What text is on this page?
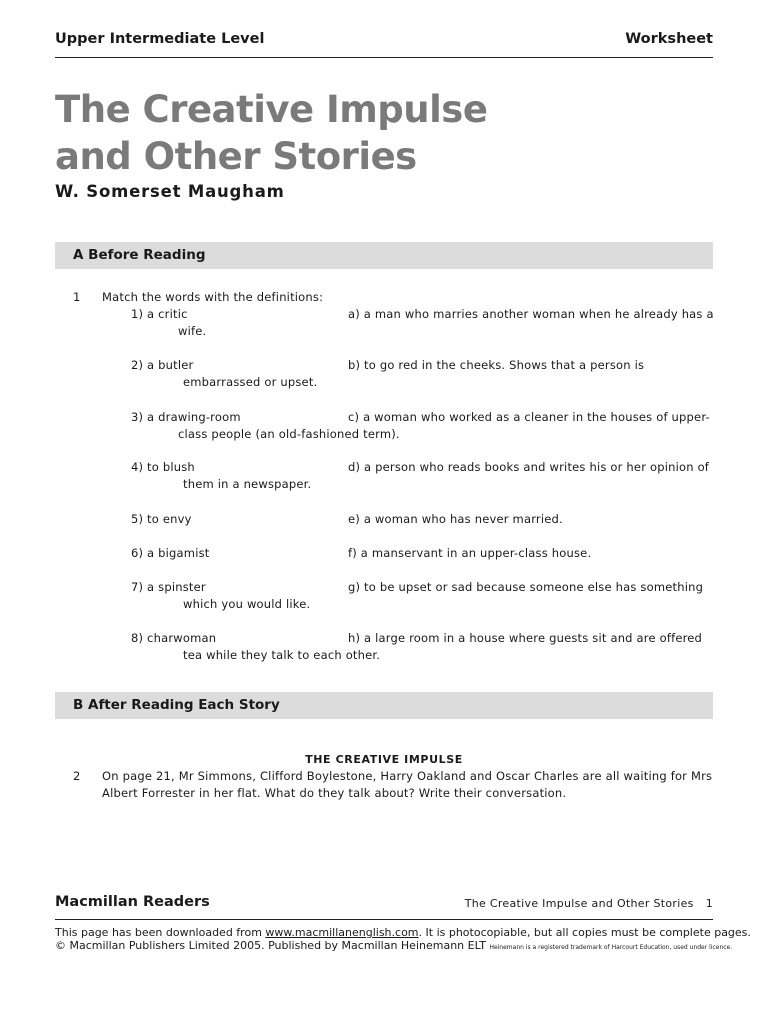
Upper Intermediate Level	Worksheet
The Creative Impulse
and Other Stories
W. Somerset Maugham
A Before Reading
1 Match the words with the definitions:
1) a critic	a) a man who marries another woman when he already has a
wife.
2) a butler	b) to go red in the cheeks. Shows that a person is
embarrassed or upset.
3) a drawing-room	c) a woman who worked as a cleaner in the houses of upper-
class people (an old-fashioned term).
4) to blush	d) a person who reads books and writes his or her opinion of
them in a newspaper.
5) to envy	e) a woman who has never married.
6) a bigamist	f) a manservant in an upper-class house.
7) a spinster	g) to be upset or sad because someone else has something
which you would like.
8) charwoman	h) a large room in a house where guests sit and are offered
tea while they talk to each other.
B After Reading Each Story
THE CREATIVE IMPULSE
2 On page 21, Mr Simmons, Clifford Boylestone, Harry Oakland and Oscar Charles are all waiting for Mrs
Albert Forrester in her flat. What do they talk about? Write their conversation.
Macmillan Readers	The Creative Impulse and Other Stories 1
This page has been downloaded from www.macmillanenglish.com. It is photocopiable, but all copies must be complete pages.
© Macmillan Publishers Limited 2005. Published by Macmillan Heinemann ELT Heinemann is a registered trademark of Harcourt Education, used under licence.
